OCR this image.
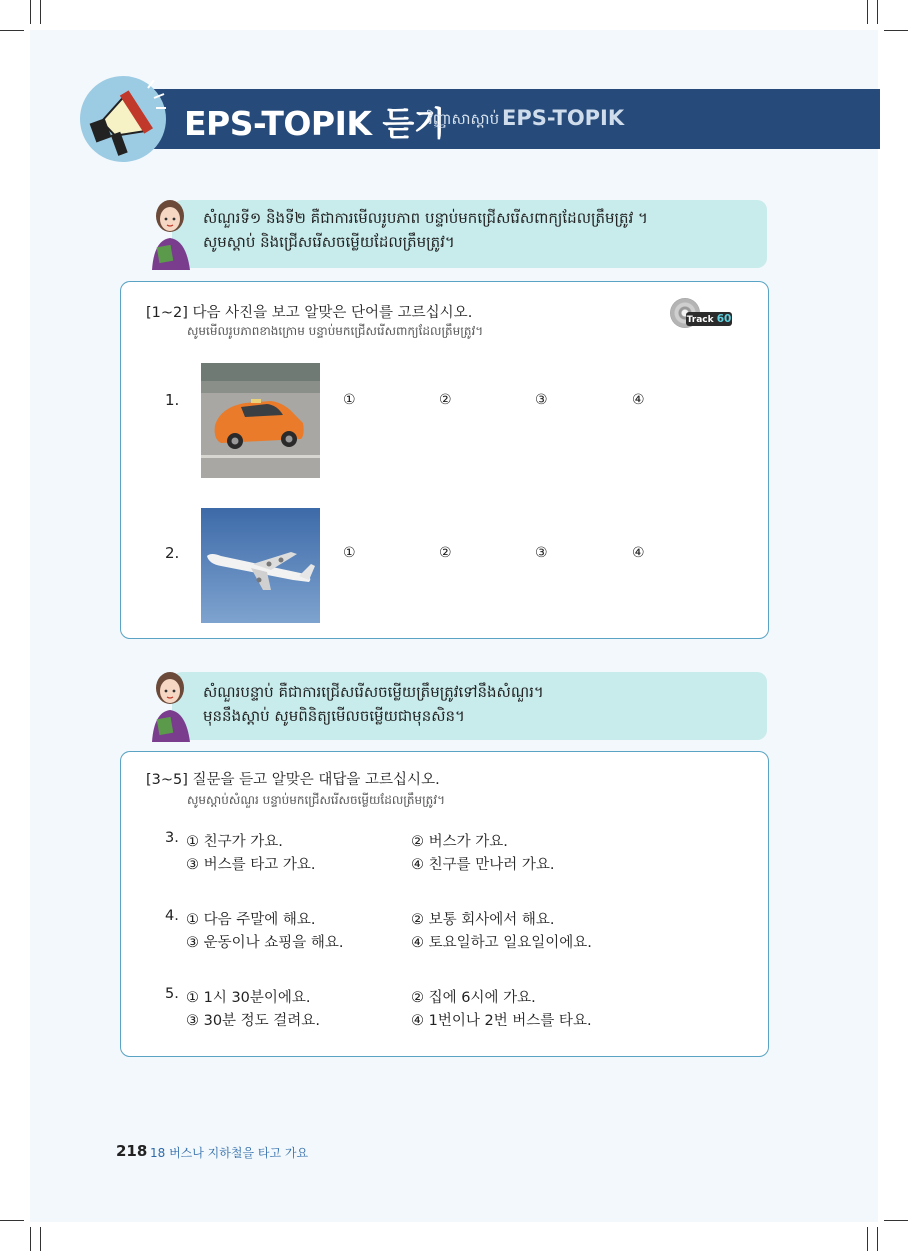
EPS-TOPIK 듣기
វិញ្ញាសាស្តាប់ EPS-TOPIK
សំណួរទី១ និងទី២ គឺជាការមើលរូបភាព បន្ទាប់មកជ្រើសរើសពាក្យដែលត្រឹមត្រូវ ។
សូមស្តាប់ និងជ្រើសរើសចម្លើយដែលត្រឹមត្រូវ។
[1~2] 다음 사진을 보고 알맞은 단어를 고르십시오.
សូមមើលរូបភាពខាងក្រោម បន្ទាប់មកជ្រើសរើសពាក្យដែលត្រឹមត្រូវ។
Track 60
1.	①	②	③	④
2.	①	②	③	④
សំណួរបន្ទាប់ គឺជាការជ្រើសរើសចម្លើយត្រឹមត្រូវទៅនឹងសំណួរ។
មុននឹងស្តាប់ សូមពិនិត្យមើលចម្លើយជាមុនសិន។
[3~5] 질문을 듣고 알맞은 대답을 고르십시오.
សូមស្តាប់សំណួរ បន្ទាប់មកជ្រើសរើសចម្លើយដែលត្រឹមត្រូវ។
3. ① 친구가 가요.	② 버스가 가요.
③ 버스를 타고 가요.	④ 친구를 만나러 가요.
4. ① 다음 주말에 해요.	② 보통 회사에서 해요.
③ 운동이나 쇼핑을 해요.	④ 토요일하고 일요일이에요.
5. ① 1시 30분이에요.	② 집에 6시에 가요.
③ 30분 정도 걸려요.	④ 1번이나 2번 버스를 타요.
218 18 버스나 지하철을 타고 가요
